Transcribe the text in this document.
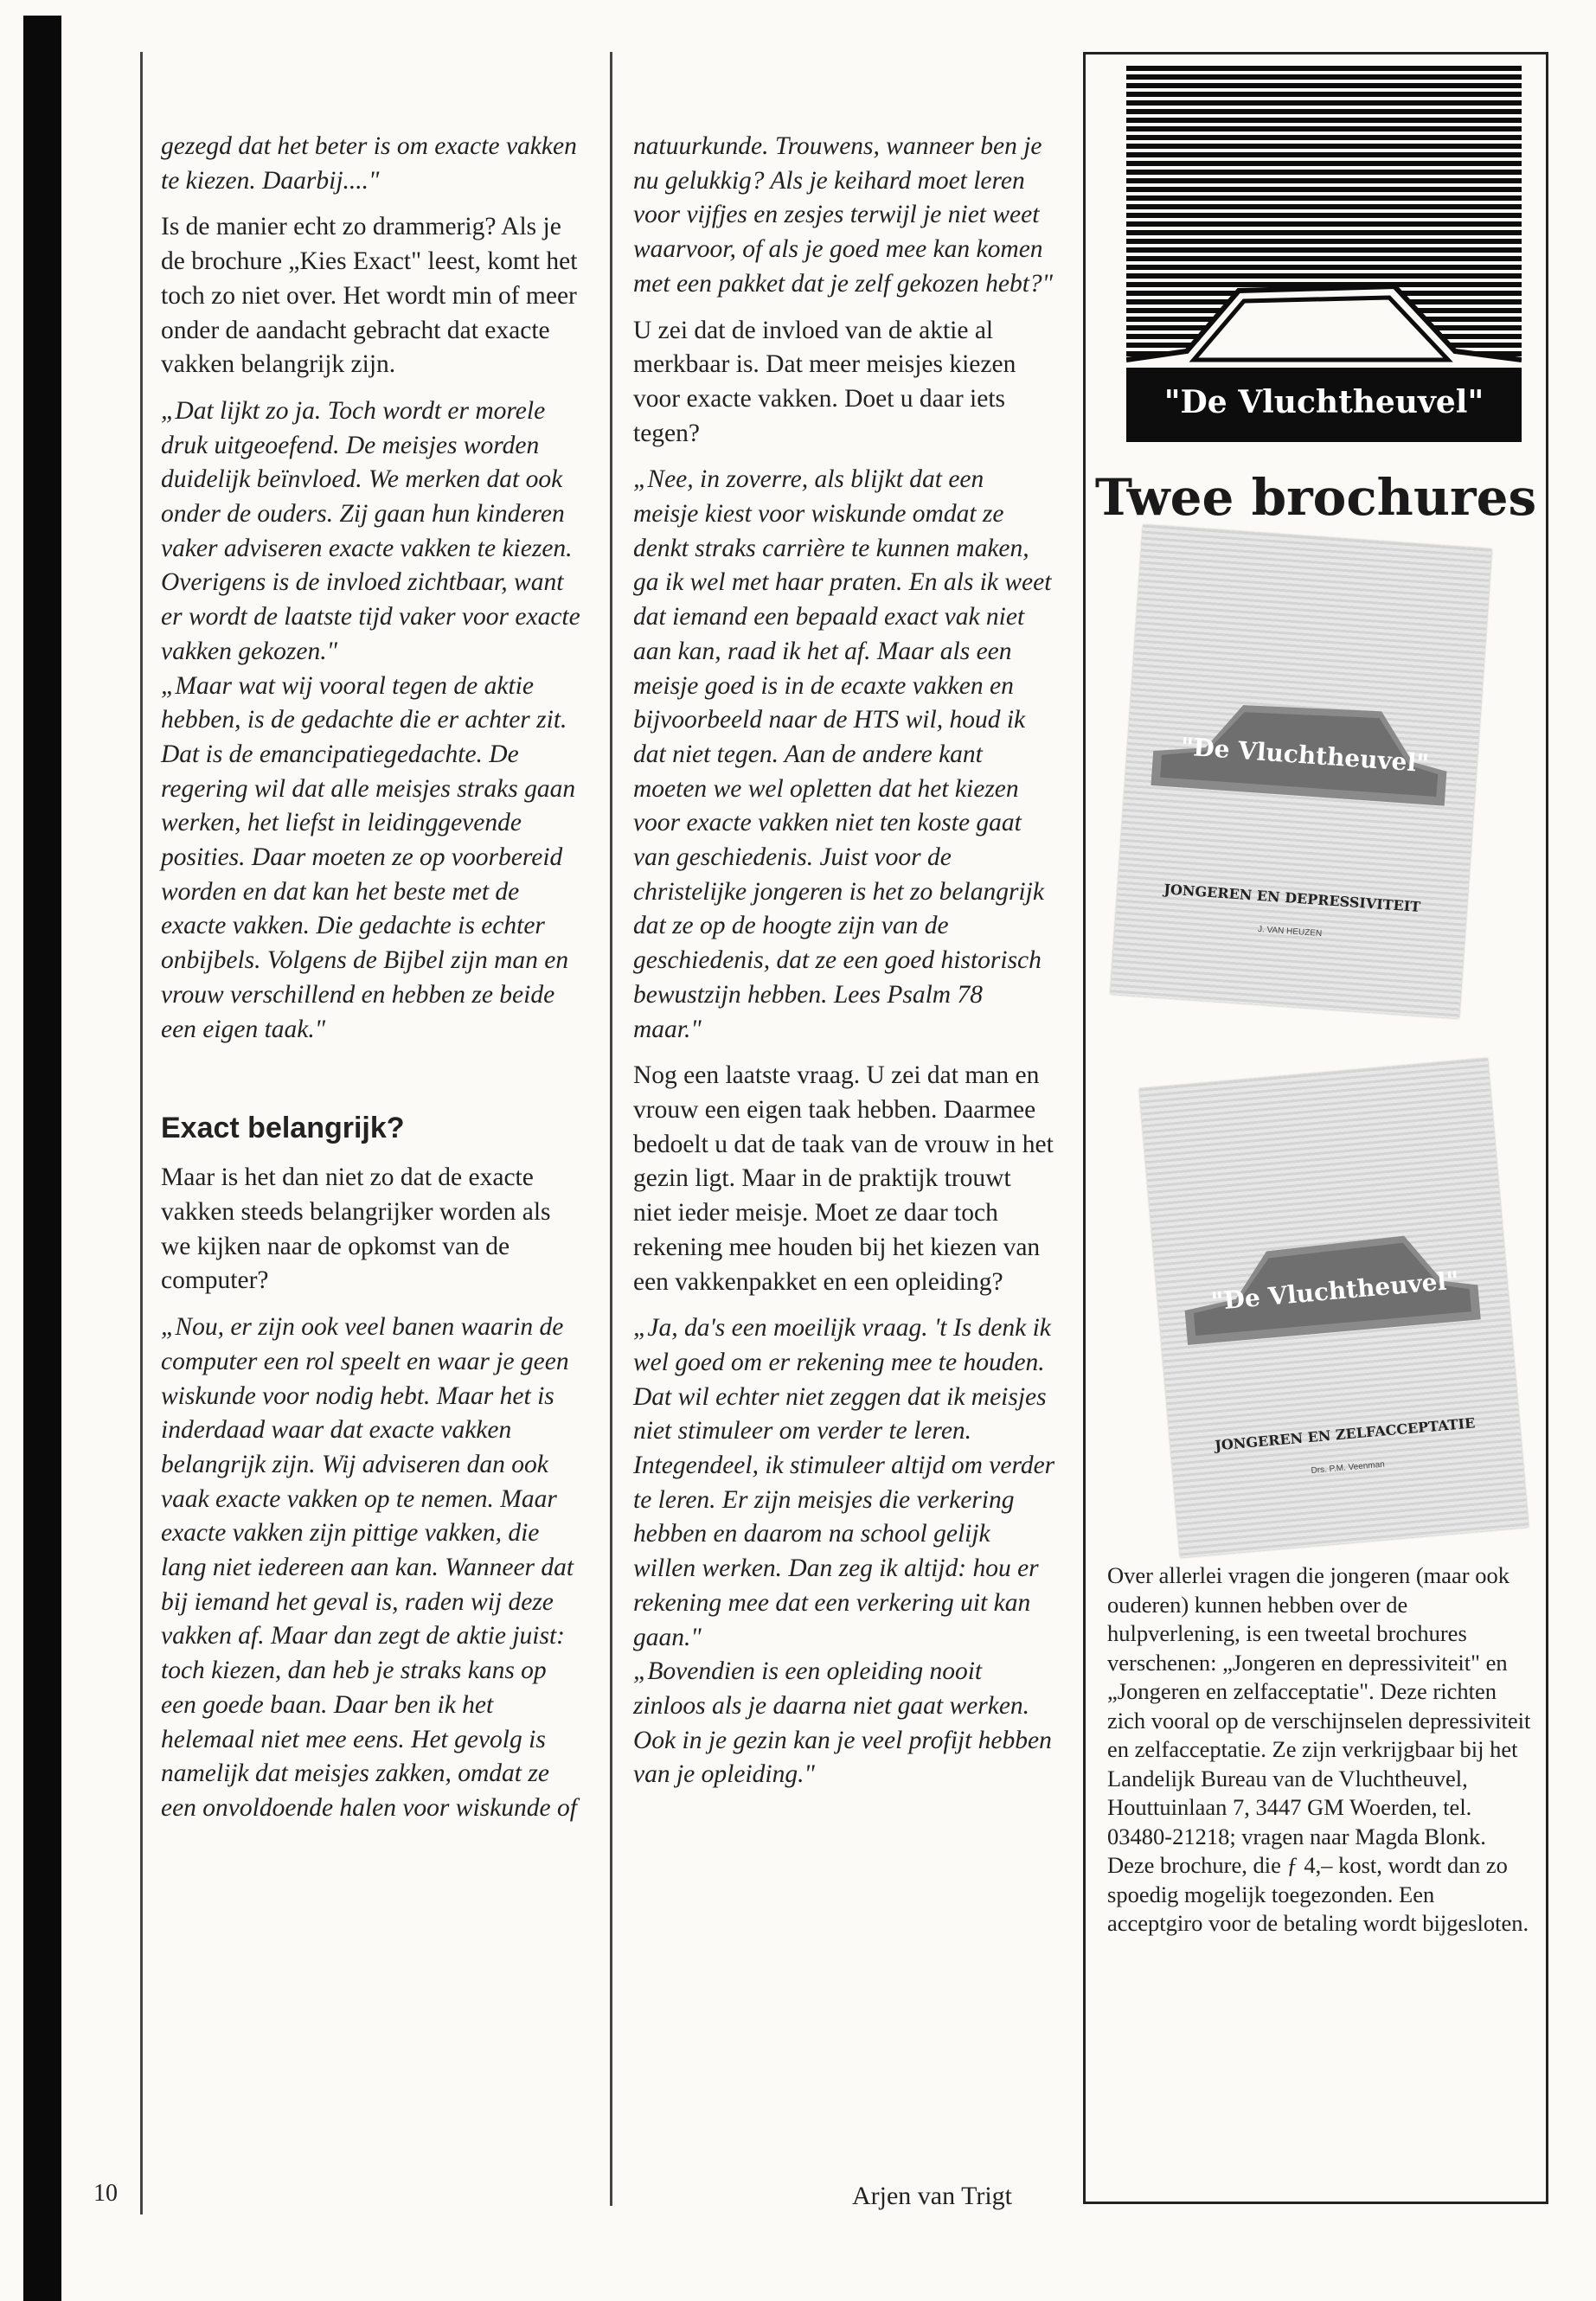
10

gezegd dat het beter is om exacte vakken te kiezen. Daarbij...."

Is de manier echt zo drammerig? Als je de brochure „Kies Exact" leest, komt het toch zo niet over. Het wordt min of meer onder de aandacht gebracht dat exacte vakken belangrijk zijn.

„Dat lijkt zo ja. Toch wordt er morele druk uitgeoefend. De meisjes worden duidelijk beïnvloed. We merken dat ook onder de ouders. Zij gaan hun kinderen vaker adviseren exacte vakken te kiezen. Overigens is de invloed zichtbaar, want er wordt de laatste tijd vaker voor exacte vakken gekozen."

„Maar wat wij vooral tegen de aktie hebben, is de gedachte die er achter zit. Dat is de emancipatiegedachte. De regering wil dat alle meisjes straks gaan werken, het liefst in leidinggevende posities. Daar moeten ze op voorbereid worden en dat kan het beste met de exacte vakken. Die gedachte is echter onbijbels. Volgens de Bijbel zijn man en vrouw verschillend en hebben ze beide een eigen taak."

Exact belangrijk?

Maar is het dan niet zo dat de exacte vakken steeds belangrijker worden als we kijken naar de opkomst van de computer?

„Nou, er zijn ook veel banen waarin de computer een rol speelt en waar je geen wiskunde voor nodig hebt. Maar het is inderdaad waar dat exacte vakken belangrijk zijn. Wij adviseren dan ook vaak exacte vakken op te nemen. Maar exacte vakken zijn pittige vakken, die lang niet iedereen aan kan. Wanneer dat bij iemand het geval is, raden wij deze vakken af. Maar dan zegt de aktie juist: toch kiezen, dan heb je straks kans op een goede baan. Daar ben ik het helemaal niet mee eens. Het gevolg is namelijk dat meisjes zakken, omdat ze een onvoldoende halen voor wiskunde of

natuurkunde. Trouwens, wanneer ben je nu gelukkig? Als je keihard moet leren voor vijfjes en zesjes terwijl je niet weet waarvoor, of als je goed mee kan komen met een pakket dat je zelf gekozen hebt?"

U zei dat de invloed van de aktie al merkbaar is. Dat meer meisjes kiezen voor exacte vakken. Doet u daar iets tegen?

„Nee, in zoverre, als blijkt dat een meisje kiest voor wiskunde omdat ze denkt straks carrière te kunnen maken, ga ik wel met haar praten. En als ik weet dat iemand een bepaald exact vak niet aan kan, raad ik het af. Maar als een meisje goed is in de ecaxte vakken en bijvoorbeeld naar de HTS wil, houd ik dat niet tegen. Aan de andere kant moeten we wel opletten dat het kiezen voor exacte vakken niet ten koste gaat van geschiedenis. Juist voor de christelijke jongeren is het zo belangrijk dat ze op de hoogte zijn van de geschiedenis, dat ze een goed historisch bewustzijn hebben. Lees Psalm 78 maar."

Nog een laatste vraag. U zei dat man en vrouw een eigen taak hebben. Daarmee bedoelt u dat de taak van de vrouw in het gezin ligt. Maar in de praktijk trouwt niet ieder meisje. Moet ze daar toch rekening mee houden bij het kiezen van een vakkenpakket en een opleiding?

„Ja, da's een moeilijk vraag. 't Is denk ik wel goed om er rekening mee te houden. Dat wil echter niet zeggen dat ik meisjes niet stimuleer om verder te leren. Integendeel, ik stimuleer altijd om verder te leren. Er zijn meisjes die verkering hebben en daarom na school gelijk willen werken. Dan zeg ik altijd: hou er rekening mee dat een verkering uit kan gaan."

„Bovendien is een opleiding nooit zinloos als je daarna niet gaat werken. Ook in je gezin kan je veel profijt hebben van je opleiding."

Arjen van Trigt
"De Vluchtheuvel"
Twee brochures
"De Vluchtheuvel"
JONGEREN EN DEPRESSIVITEIT
J. VAN HEUZEN
"De Vluchtheuvel"
JONGEREN EN ZELFACCEPTATIE
Drs. P.M. Veenman

Over allerlei vragen die jongeren (maar ook ouderen) kunnen hebben over de hulpverlening, is een tweetal brochures verschenen: „Jongeren en depressiviteit" en „Jongeren en zelfacceptatie". Deze richten zich vooral op de verschijnselen depressiviteit en zelfacceptatie. Ze zijn verkrijgbaar bij het Landelijk Bureau van de Vluchtheuvel, Houttuinlaan 7, 3447 GM Woerden, tel. 03480-21218; vragen naar Magda Blonk.

Deze brochure, die ƒ 4,– kost, wordt dan zo spoedig mogelijk toegezonden. Een acceptgiro voor de betaling wordt bijgesloten.
